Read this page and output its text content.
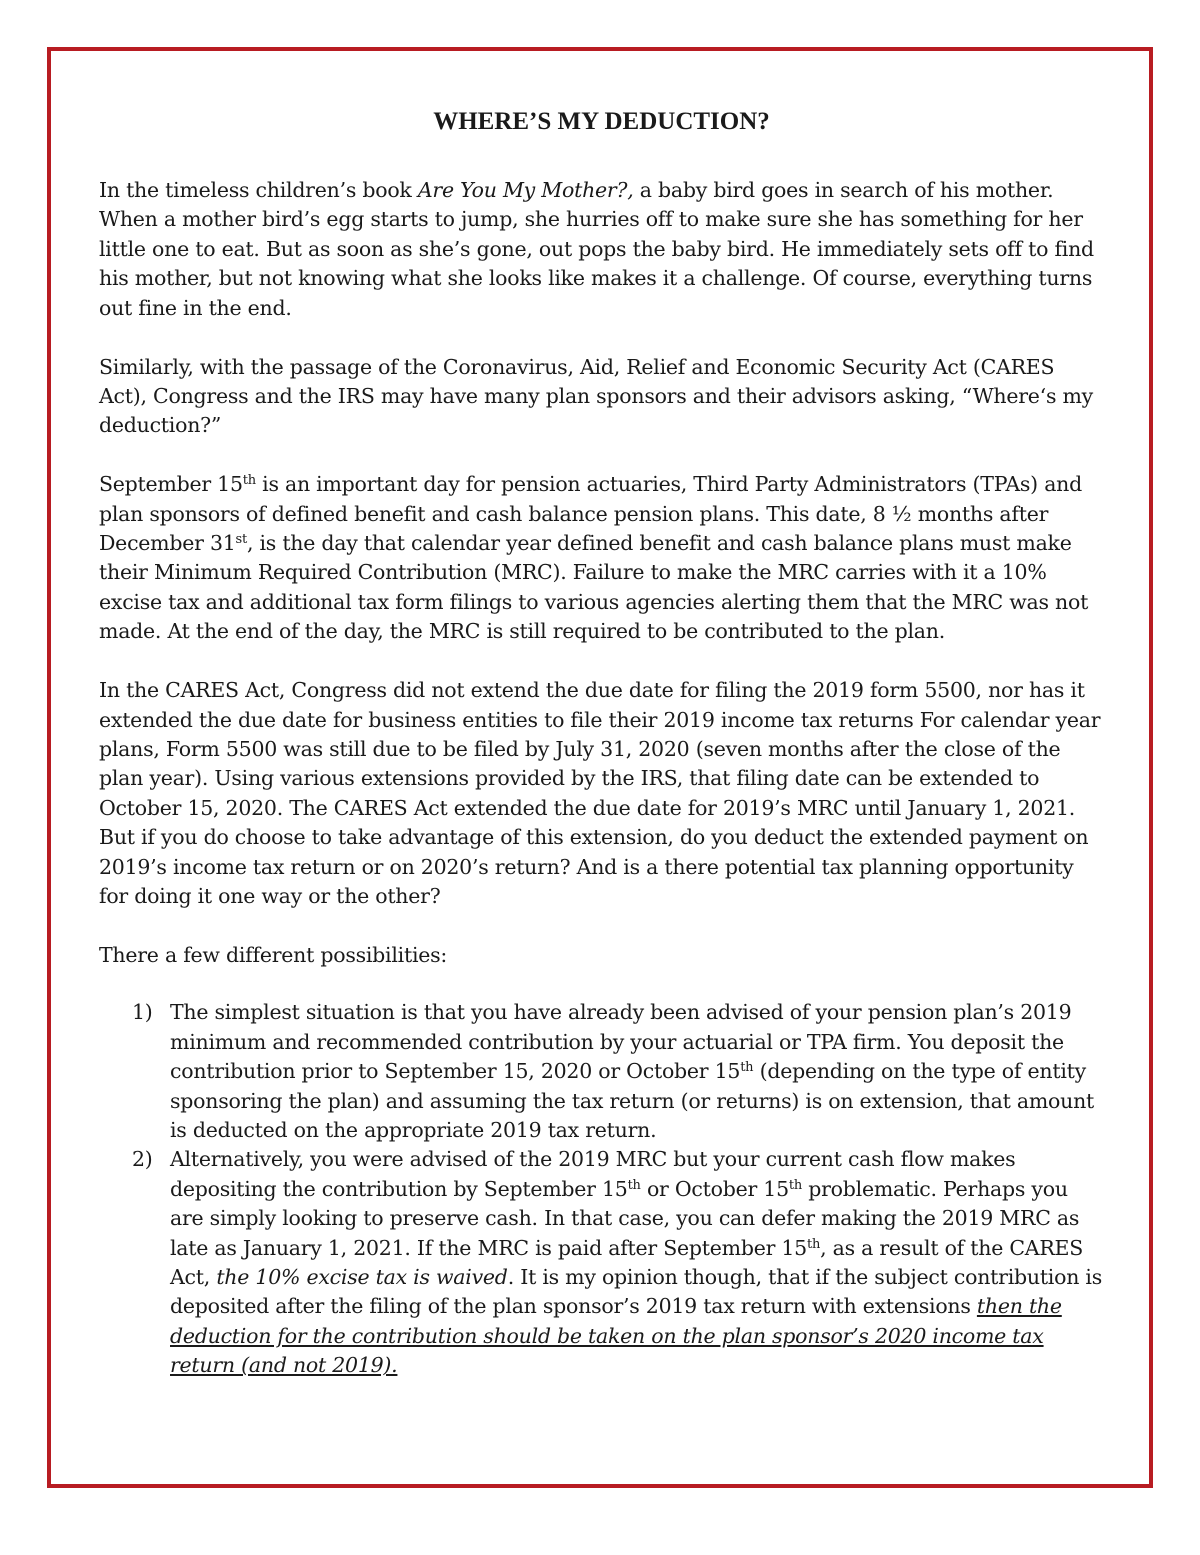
WHERE’S MY DEDUCTION?

In the timeless children’s book Are You My Mother?, a baby bird goes in search of his mother. When a mother bird’s egg starts to jump, she hurries off to make sure she has something for her little one to eat. But as soon as she’s gone, out pops the baby bird. He immediately sets off to find his mother, but not knowing what she looks like makes it a challenge. Of course, everything turns out fine in the end.

Similarly, with the passage of the Coronavirus, Aid, Relief and Economic Security Act (CARES Act), Congress and the IRS may have many plan sponsors and their advisors asking, “Where‘s my deduction?”

September 15th is an important day for pension actuaries, Third Party Administrators (TPAs) and plan sponsors of defined benefit and cash balance pension plans. This date, 8 ½ months after December 31st, is the day that calendar year defined benefit and cash balance plans must make their Minimum Required Contribution (MRC). Failure to make the MRC carries with it a 10% excise tax and additional tax form filings to various agencies alerting them that the MRC was not made. At the end of the day, the MRC is still required to be contributed to the plan.

In the CARES Act, Congress did not extend the due date for filing the 2019 form 5500, nor has it extended the due date for business entities to file their 2019 income tax returns For calendar year plans, Form 5500 was still due to be filed by July 31, 2020 (seven months after the close of the plan year). Using various extensions provided by the IRS, that filing date can be extended to October 15, 2020. The CARES Act extended the due date for 2019’s MRC until January 1, 2021. But if you do choose to take advantage of this extension, do you deduct the extended payment on 2019’s income tax return or on 2020’s return? And is a there potential tax planning opportunity for doing it one way or the other?

There a few different possibilities:

1) The simplest situation is that you have already been advised of your pension plan’s 2019 minimum and recommended contribution by your actuarial or TPA firm. You deposit the contribution prior to September 15, 2020 or October 15th (depending on the type of entity sponsoring the plan) and assuming the tax return (or returns) is on extension, that amount is deducted on the appropriate 2019 tax return.
2) Alternatively, you were advised of the 2019 MRC but your current cash flow makes depositing the contribution by September 15th or October 15th problematic. Perhaps you are simply looking to preserve cash. In that case, you can defer making the 2019 MRC as late as January 1, 2021. If the MRC is paid after September 15th, as a result of the CARES Act, the 10% excise tax is waived. It is my opinion though, that if the subject contribution is deposited after the filing of the plan sponsor’s 2019 tax return with extensions then the deduction for the contribution should be taken on the plan sponsor’s 2020 income tax return (and not 2019).
